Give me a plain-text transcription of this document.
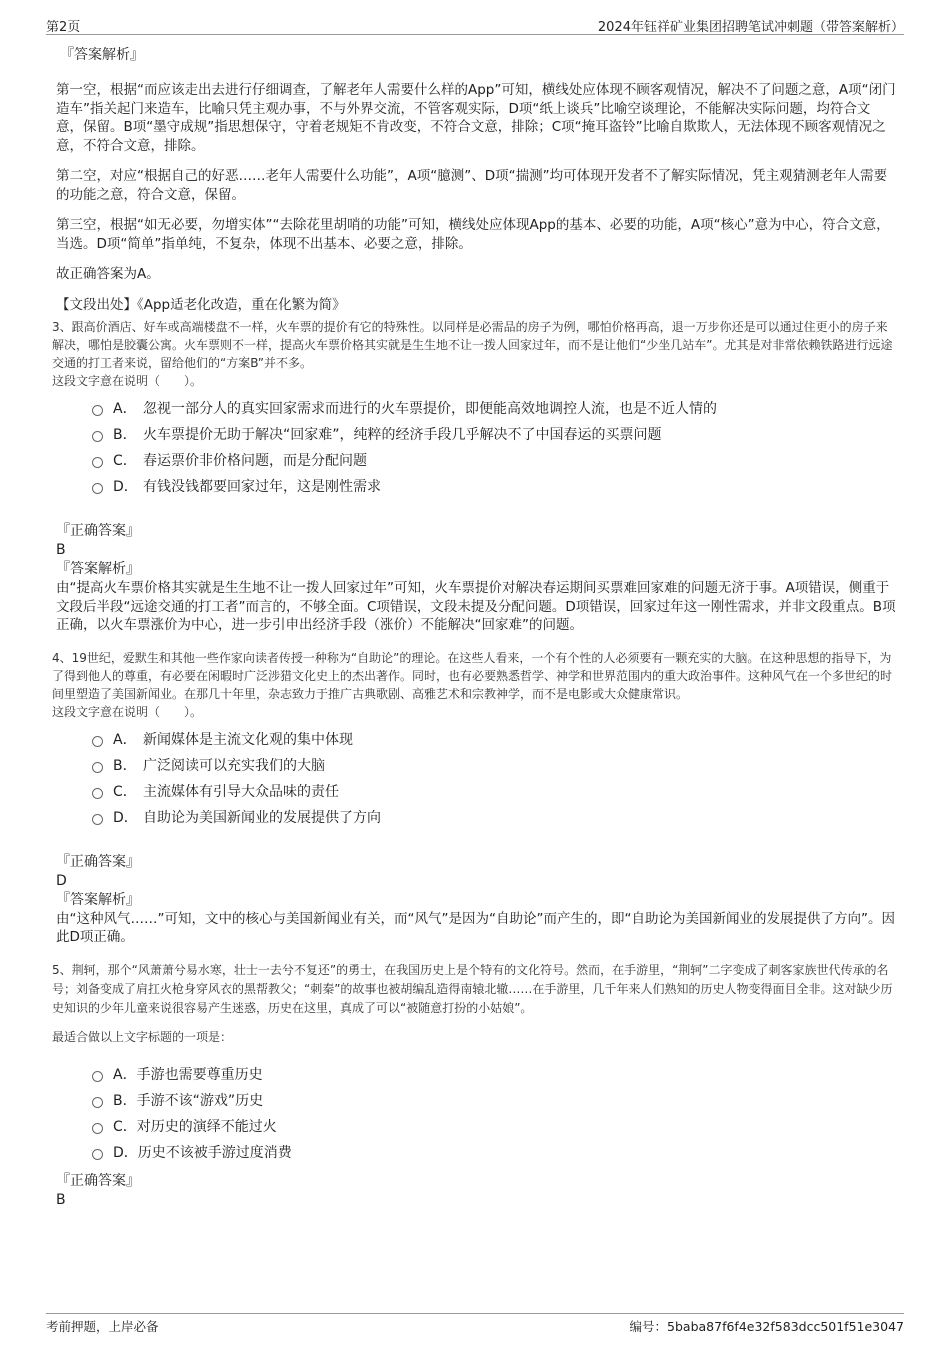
第2页	2024年钰祥矿业集团招聘笔试冲刺题（带答案解析）
『答案解析』

第一空，根据“而应该走出去进行仔细调查，了解老年人需要什么样的App”可知，横线处应体现不顾客观情况，解决不了问题之意，A项“闭门造车”指关起门来造车，比喻只凭主观办事，不与外界交流，不管客观实际，D项“纸上谈兵”比喻空谈理论，不能解决实际问题，均符合文意，保留。B项“墨守成规”指思想保守，守着老规矩不肯改变，不符合文意，排除；C项“掩耳盗铃”比喻自欺欺人，无法体现不顾客观情况之意，不符合文意，排除。

第二空，对应“根据自己的好恶……老年人需要什么功能”，A项“臆测”、D项“揣测”均可体现开发者不了解实际情况，凭主观猜测老年人需要的功能之意，符合文意，保留。

第三空，根据“如无必要，勿增实体”“去除花里胡哨的功能”可知，横线处应体现App的基本、必要的功能，A项“核心”意为中心，符合文意，当选。D项“简单”指单纯，不复杂，体现不出基本、必要之意，排除。

故正确答案为A。

【文段出处】《App适老化改造，重在化繁为简》

3、跟高价酒店、好车或高端楼盘不一样，火车票的提价有它的特殊性。以同样是必需品的房子为例，哪怕价格再高，退一万步你还是可以通过住更小的房子来解决，哪怕是胶囊公寓。火车票则不一样，提高火车票价格其实就是生生地不让一拨人回家过年，而不是让他们“少坐几站车”。尤其是对非常依赖铁路进行远途交通的打工者来说，留给他们的“方案B”并不多。
这段文字意在说明（　　）。
A． 忽视一部分人的真实回家需求而进行的火车票提价，即便能高效地调控人流，也是不近人情的
B． 火车票提价无助于解决“回家难”，纯粹的经济手段几乎解决不了中国春运的买票问题
C． 春运票价非价格问题，而是分配问题
D． 有钱没钱都要回家过年，这是刚性需求
『正确答案』
B
『答案解析』

由“提高火车票价格其实就是生生地不让一拨人回家过年”可知，火车票提价对解决春运期间买票难回家难的问题无济于事。A项错误，侧重于文段后半段“远途交通的打工者”而言的，不够全面。C项错误，文段未提及分配问题。D项错误，回家过年这一刚性需求，并非文段重点。B项正确，以火车票涨价为中心，进一步引申出经济手段（涨价）不能解决“回家难”的问题。

4、19世纪，爱默生和其他一些作家向读者传授一种称为“自助论”的理论。在这些人看来，一个有个性的人必须要有一颗充实的大脑。在这种思想的指导下，为了得到他人的尊重，有必要在闲暇时广泛涉猎文化史上的杰出著作。同时，也有必要熟悉哲学、神学和世界范围内的重大政治事件。这种风气在一个多世纪的时间里塑造了美国新闻业。在那几十年里，杂志致力于推广古典歌剧、高雅艺术和宗教神学，而不是电影或大众健康常识。
这段文字意在说明（　　）。
A． 新闻媒体是主流文化观的集中体现
B． 广泛阅读可以充实我们的大脑
C． 主流媒体有引导大众品味的责任
D． 自助论为美国新闻业的发展提供了方向
『正确答案』
D
『答案解析』

由“这种风气……”可知，文中的核心与美国新闻业有关，而“风气”是因为“自助论”而产生的，即“自助论为美国新闻业的发展提供了方向”。因此D项正确。

5、荆轲，那个“风萧萧兮易水寒，壮士一去兮不复还”的勇士，在我国历史上是个特有的文化符号。然而，在手游里，“荆轲”二字变成了刺客家族世代传承的名号；刘备变成了肩扛火枪身穿风衣的黑帮教父；“刺秦”的故事也被胡编乱造得南辕北辙……在手游里，几千年来人们熟知的历史人物变得面目全非。这对缺少历史知识的少年儿童来说很容易产生迷惑，历史在这里，真成了可以“被随意打扮的小姑娘”。
最适合做以上文字标题的一项是：
A． 手游也需要尊重历史
B． 手游不该“游戏”历史
C． 对历史的演绎不能过火
D． 历史不该被手游过度消费
『正确答案』
B
考前押题，上岸必备	编号：5baba87f6f4e32f583dcc501f51e3047
